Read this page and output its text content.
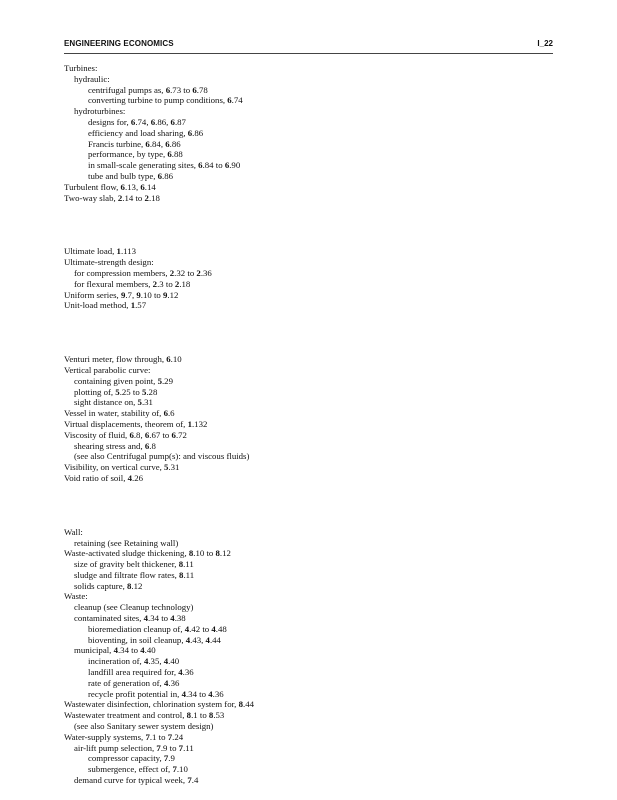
ENGINEERING ECONOMICS	I_22
Turbines:
hydraulic:
centrifugal pumps as, 6.73 to 6.78
converting turbine to pump conditions, 6.74
hydroturbines:
designs for, 6.74, 6.86, 6.87
efficiency and load sharing, 6.86
Francis turbine, 6.84, 6.86
performance, by type, 6.88
in small-scale generating sites, 6.84 to 6.90
tube and bulb type, 6.86
Turbulent flow, 6.13, 6.14
Two-way slab, 2.14 to 2.18
Ultimate load, 1.113
Ultimate-strength design:
for compression members, 2.32 to 2.36
for flexural members, 2.3 to 2.18
Uniform series, 9.7, 9.10 to 9.12
Unit-load method, 1.57
Venturi meter, flow through, 6.10
Vertical parabolic curve:
containing given point, 5.29
plotting of, 5.25 to 5.28
sight distance on, 5.31
Vessel in water, stability of, 6.6
Virtual displacements, theorem of, 1.132
Viscosity of fluid, 6.8, 6.67 to 6.72
shearing stress and, 6.8
(see also Centrifugal pump(s): and viscous fluids)
Visibility, on vertical curve, 5.31
Void ratio of soil, 4.26
Wall:
retaining (see Retaining wall)
Waste-activated sludge thickening, 8.10 to 8.12
size of gravity belt thickener, 8.11
sludge and filtrate flow rates, 8.11
solids capture, 8.12
Waste:
cleanup (see Cleanup technology)
contaminated sites, 4.34 to 4.38
bioremediation cleanup of, 4.42 to 4.48
bioventing, in soil cleanup, 4.43, 4.44
municipal, 4.34 to 4.40
incineration of, 4.35, 4.40
landfill area required for, 4.36
rate of generation of, 4.36
recycle profit potential in, 4.34 to 4.36
Wastewater disinfection, chlorination system for, 8.44
Wastewater treatment and control, 8.1 to 8.53
(see also Sanitary sewer system design)
Water-supply systems, 7.1 to 7.24
air-lift pump selection, 7.9 to 7.11
compressor capacity, 7.9
submergence, effect of, 7.10
demand curve for typical week, 7.4
